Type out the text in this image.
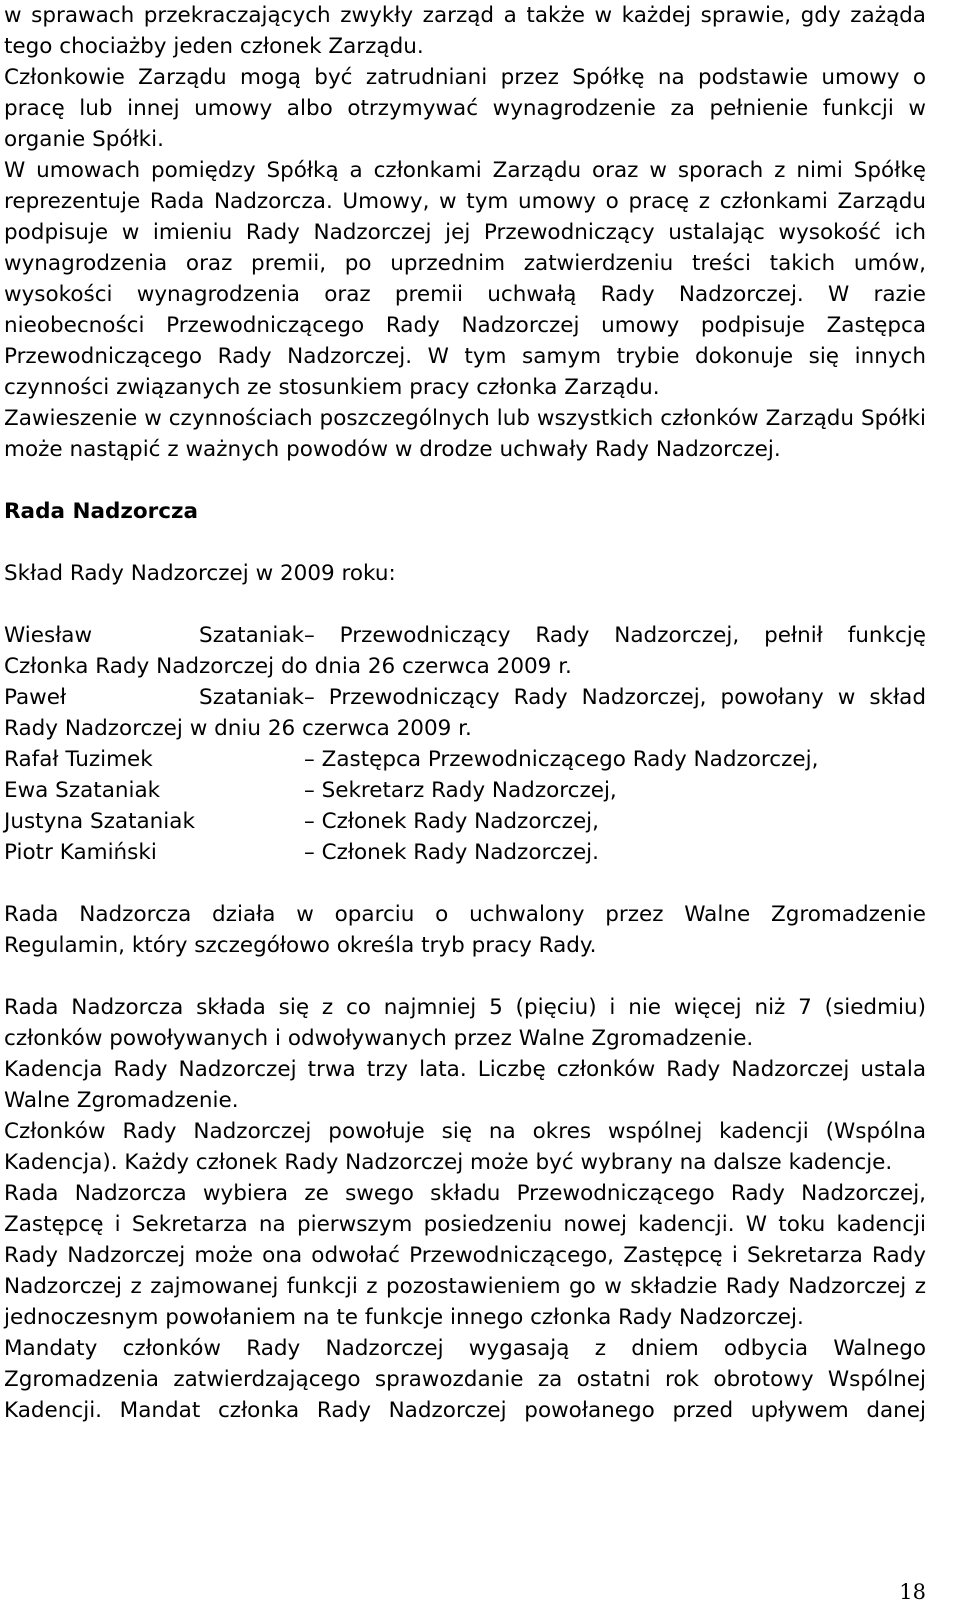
w sprawach przekraczających zwykły zarząd a także w każdej sprawie, gdy zażąda tego chociażby jeden członek Zarządu.

Członkowie Zarządu mogą być zatrudniani przez Spółkę na podstawie umowy o pracę lub innej umowy albo otrzymywać wynagrodzenie za pełnienie funkcji w organie Spółki.

W umowach pomiędzy Spółką a członkami Zarządu oraz w sporach z nimi Spółkę reprezentuje Rada Nadzorcza. Umowy, w tym umowy o pracę z członkami Zarządu podpisuje w imieniu Rady Nadzorczej jej Przewodniczący ustalając wysokość ich wynagrodzenia oraz premii, po uprzednim zatwierdzeniu treści takich umów, wysokości wynagrodzenia oraz premii uchwałą Rady Nadzorczej. W razie nieobecności Przewodniczącego Rady Nadzorczej umowy podpisuje Zastępca Przewodniczącego Rady Nadzorczej. W tym samym trybie dokonuje się innych czynności związanych ze stosunkiem pracy członka Zarządu.

Zawieszenie w czynnościach poszczególnych lub wszystkich członków Zarządu Spółki może nastąpić z ważnych powodów w drodze uchwały Rady Nadzorczej.

Rada Nadzorcza

Skład Rady Nadzorczej w 2009 roku:

Wiesław Szataniak – Przewodniczący Rady Nadzorczej, pełnił funkcję

Członka Rady Nadzorczej do dnia 26 czerwca 2009 r.

Paweł Szataniak – Przewodniczący Rady Nadzorczej, powołany w skład

Rady Nadzorczej w dniu 26 czerwca 2009 r.

Rafał Tuzimek	– Zastępca Przewodniczącego Rady Nadzorczej,
Ewa Szataniak	– Sekretarz Rady Nadzorczej,
Justyna Szataniak	– Członek Rady Nadzorczej,
Piotr Kamiński	– Członek Rady Nadzorczej.

Rada Nadzorcza działa w oparciu o uchwalony przez Walne Zgromadzenie Regulamin, który szczegółowo określa tryb pracy Rady.

Rada Nadzorcza składa się z co najmniej 5 (pięciu) i nie więcej niż 7 (siedmiu) członków powoływanych i odwoływanych przez Walne Zgromadzenie.

Kadencja Rady Nadzorczej trwa trzy lata. Liczbę członków Rady Nadzorczej ustala Walne Zgromadzenie.

Członków Rady Nadzorczej powołuje się na okres wspólnej kadencji (Wspólna Kadencja). Każdy członek Rady Nadzorczej może być wybrany na dalsze kadencje.

Rada Nadzorcza wybiera ze swego składu Przewodniczącego Rady Nadzorczej, Zastępcę i Sekretarza na pierwszym posiedzeniu nowej kadencji. W toku kadencji Rady Nadzorczej może ona odwołać Przewodniczącego, Zastępcę i Sekretarza Rady Nadzorczej z zajmowanej funkcji z pozostawieniem go w składzie Rady Nadzorczej z jednoczesnym powołaniem na te funkcje innego członka Rady Nadzorczej.

Mandaty członków Rady Nadzorczej wygasają z dniem odbycia Walnego Zgromadzenia zatwierdzającego sprawozdanie za ostatni rok obrotowy Wspólnej Kadencji. Mandat członka Rady Nadzorczej powołanego przed upływem danej

18
